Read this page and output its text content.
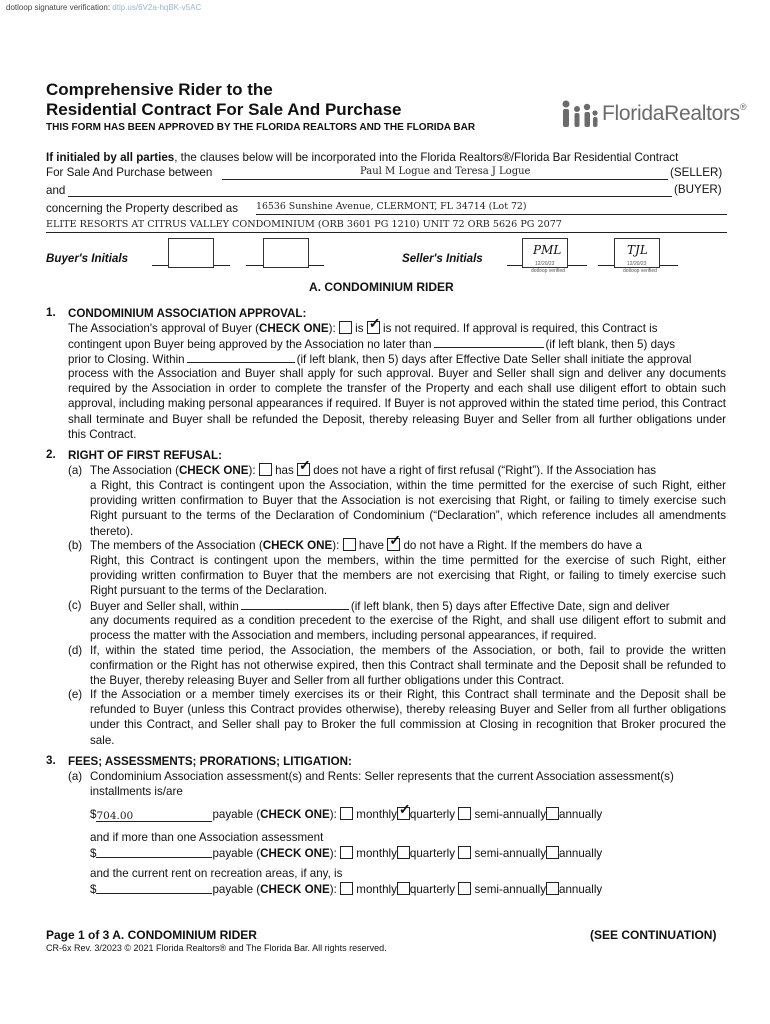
dotloop signature verification: dtlp.us/6V2a-hqBK-v5AC
Comprehensive Rider to the
Residential Contract For Sale And Purchase
THIS FORM HAS BEEN APPROVED BY THE FLORIDA REALTORS AND THE FLORIDA BAR
FloridaRealtors®
If initialed by all parties, the clauses below will be incorporated into the Florida Realtors®/Florida Bar Residential Contract
For Sale And Purchase between	Paul M Logue and Teresa J Logue	(SELLER)
and	(BUYER)
concerning the Property described as 16536 Sunshine Avenue, CLERMONT, FL 34714 (Lot 72)
ELITE RESORTS AT CITRUS VALLEY CONDOMINIUM (ORB 3601 PG 1210) UNIT 72 ORB 5626 PG 2077
Buyer's Initials	Seller's Initials
PML
12/20/23
dotloop verified
TJL
12/20/23
dotloop verified
A. CONDOMINIUM RIDER
1. CONDOMINIUM ASSOCIATION APPROVAL:
The Association's approval of Buyer (CHECK ONE): is ✓ is not required. If approval is required, this Contract is
contingent upon Buyer being approved by the Association no later than	(if left blank, then 5) days
prior to Closing. Within	(if left blank, then 5) days after Effective Date Seller shall initiate the approval
process with the Association and Buyer shall apply for such approval. Buyer and Seller shall sign and deliver any documents required by the Association in order to complete the transfer of the Property and each shall use diligent effort to obtain such approval, including making personal appearances if required. If Buyer is not approved within the stated time period, this Contract shall terminate and Buyer shall be refunded the Deposit, thereby releasing Buyer and Seller from all further obligations under this Contract.
2. RIGHT OF FIRST REFUSAL:
(a) The Association (CHECK ONE): has ✓ does not have a right of first refusal (“Right”). If the Association has
a Right, this Contract is contingent upon the Association, within the time permitted for the exercise of such Right, either providing written confirmation to Buyer that the Association is not exercising that Right, or failing to timely exercise such Right pursuant to the terms of the Declaration of Condominium (“Declaration”, which reference includes all amendments thereto).
(b) The members of the Association (CHECK ONE): have ✓ do not have a Right. If the members do have a
Right, this Contract is contingent upon the members, within the time permitted for the exercise of such Right, either providing written confirmation to Buyer that the members are not exercising that Right, or failing to timely exercise such Right pursuant to the terms of the Declaration.
(c) Buyer and Seller shall, within	(if left blank, then 5) days after Effective Date, sign and deliver
any documents required as a condition precedent to the exercise of the Right, and shall use diligent effort to submit and process the matter with the Association and members, including personal appearances, if required.
(d) If, within the stated time period, the Association, the members of the Association, or both, fail to provide the written confirmation or the Right has not otherwise expired, then this Contract shall terminate and the Deposit shall be refunded to the Buyer, thereby releasing Buyer and Seller from all further obligations under this Contract.
(e) If the Association or a member timely exercises its or their Right, this Contract shall terminate and the Deposit shall be refunded to Buyer (unless this Contract provides otherwise), thereby releasing Buyer and Seller from all further obligations under this Contract, and Seller shall pay to Broker the full commission at Closing in recognition that Broker procured the sale.
3. FEES; ASSESSMENTS; PRORATIONS; LITIGATION:
(a) Condominium Association assessment(s) and Rents: Seller represents that the current Association assessment(s)
installments is/are
$704.00	payable (CHECK ONE): monthly ✓ quarterly semi-annually annually
and if more than one Association assessment
$	payable (CHECK ONE): monthly quarterly semi-annually annually
and the current rent on recreation areas, if any, is
$	payable (CHECK ONE): monthly quarterly semi-annually annually
Page 1 of 3 A. CONDOMINIUM RIDER
CR-6x Rev. 3/2023 © 2021 Florida Realtors® and The Florida Bar. All rights reserved.
(SEE CONTINUATION)
